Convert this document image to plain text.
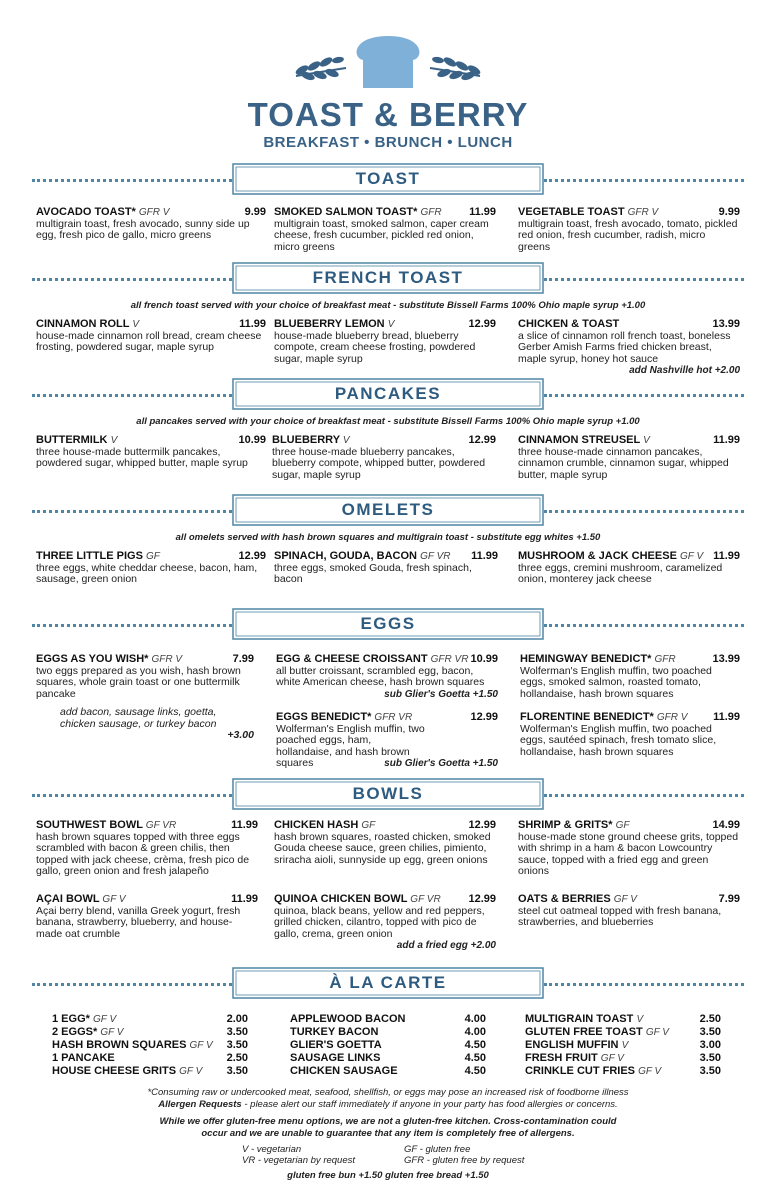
TOAST & BERRY
BREAKFAST • BRUNCH • LUNCH
TOAST
AVOCADO TOAST* GFR V	9.99
multigrain toast, fresh avocado, sunny side up egg, fresh pico de gallo, micro greens
SMOKED SALMON TOAST* GFR 11.99
multigrain toast, smoked salmon, caper cream cheese, fresh cucumber, pickled red onion, micro greens
VEGETABLE TOAST GFR V	9.99
multigrain toast, fresh avocado, tomato, pickled red onion, fresh cucumber, radish, micro greens
FRENCH TOAST
all french toast served with your choice of breakfast meat - substitute Bissell Farms 100% Ohio maple syrup +1.00
CINNAMON ROLL V	11.99
house-made cinnamon roll bread, cream cheese frosting, powdered sugar, maple syrup
BLUEBERRY LEMON V	12.99
house-made blueberry bread, blueberry compote, cream cheese frosting, powdered sugar, maple syrup
CHICKEN & TOAST	13.99
a slice of cinnamon roll french toast, boneless Gerber Amish Farms fried chicken breast, maple syrup, honey hot sauce
add Nashville hot +2.00
PANCAKES
all pancakes served with your choice of breakfast meat - substitute Bissell Farms 100% Ohio maple syrup +1.00
BUTTERMILK V	10.99
three house-made buttermilk pancakes, powdered sugar, whipped butter, maple syrup
BLUEBERRY V	12.99
three house-made blueberry pancakes, blueberry compote, whipped butter, powdered sugar, maple syrup
CINNAMON STREUSEL V	11.99
three house-made cinnamon pancakes, cinnamon crumble, cinnamon sugar, whipped butter, maple syrup
OMELETS
all omelets served with hash brown squares and multigrain toast - substitute egg whites +1.50
THREE LITTLE PIGS GF	12.99
three eggs, white cheddar cheese, bacon, ham, sausage, green onion
SPINACH, GOUDA, BACON GF VR 11.99
three eggs, smoked Gouda, fresh spinach, bacon
MUSHROOM & JACK CHEESE GF V 11.99
three eggs, cremini mushroom, caramelized onion, monterey jack cheese
EGGS
EGGS AS YOU WISH* GFR V	7.99
two eggs prepared as you wish, hash brown squares, whole grain toast or one buttermilk pancake
add bacon, sausage links, goetta, chicken sausage, or turkey bacon
+3.00
EGG & CHEESE CROISSANT GFR VR 10.99
all butter croissant, scrambled egg, bacon, white American cheese, hash brown squares
sub Glier's Goetta +1.50
HEMINGWAY BENEDICT* GFR	13.99
Wolferman's English muffin, two poached eggs, smoked salmon, roasted tomato, hollandaise, hash brown squares
EGGS BENEDICT* GFR VR	12.99
Wolferman's English muffin, two poached eggs, ham, hollandaise, and hash brown squares	sub Glier's Goetta +1.50
FLORENTINE BENEDICT* GFR V 11.99
Wolferman's English muffin, two poached eggs, sautéed spinach, fresh tomato slice, hollandaise, hash brown squares
BOWLS
SOUTHWEST BOWL GF VR	11.99
hash brown squares topped with three eggs scrambled with bacon & green chilis, then topped with jack cheese, crèma, fresh pico de gallo, green onion and fresh jalapeño
CHICKEN HASH GF	12.99
hash brown squares, roasted chicken, smoked Gouda cheese sauce, green chilies, pimiento, sriracha aioli, sunnyside up egg, green onions
SHRIMP & GRITS* GF	14.99
house-made stone ground cheese grits, topped with shrimp in a ham & bacon Lowcountry sauce, topped with a fried egg and green onions
AÇAI BOWL GF V	11.99
Açai berry blend, vanilla Greek yogurt, fresh banana, strawberry, blueberry, and house-made oat crumble
QUINOA CHICKEN BOWL GF VR	12.99
quinoa, black beans, yellow and red peppers, grilled chicken, cilantro, topped with pico de gallo, crema, green onion
add a fried egg +2.00
OATS & BERRIES GF V	7.99
steel cut oatmeal topped with fresh banana, strawberries, and blueberries
À LA CARTE
1 EGG* GF V	2.00
2 EGGS* GF V	3.50
HASH BROWN SQUARES GF V 3.50
1 PANCAKE	2.50
HOUSE CHEESE GRITS GF V 3.50
APPLEWOOD BACON	4.00
TURKEY BACON	4.00
GLIER'S GOETTA	4.50
SAUSAGE LINKS	4.50
CHICKEN SAUSAGE	4.50
MULTIGRAIN TOAST V	2.50
GLUTEN FREE TOAST GF V	3.50
ENGLISH MUFFIN V	3.00
FRESH FRUIT GF V	3.50
CRINKLE CUT FRIES GF V	3.50
*Consuming raw or undercooked meat, seafood, shellfish, or eggs may pose an increased risk of foodborne illness
Allergen Requests - please alert our staff immediately if anyone in your party has food allergies or concerns.
While we offer gluten-free menu options, we are not a gluten-free kitchen. Cross-contamination could
occur and we are unable to guarantee that any item is completely free of allergens.
V - vegetarian
VR - vegetarian by request
GF - gluten free
GFR - gluten free by request
gluten free bun +1.50 gluten free bread +1.50
